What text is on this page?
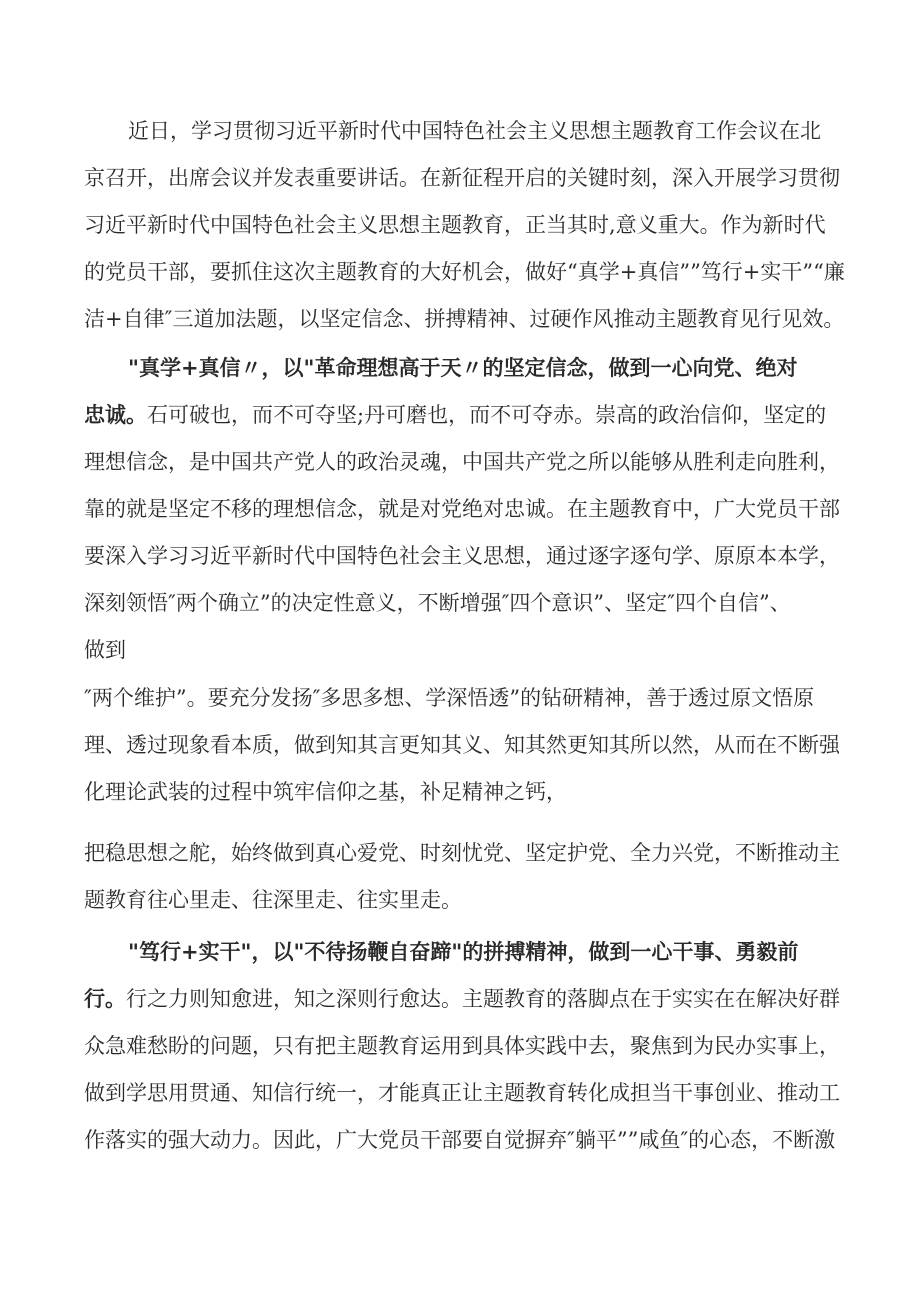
近日，学习贯彻习近平新时代中国特色社会主义思想主题教育工作会议在北
京召开，出席会议并发表重要讲话。在新征程开启的关键时刻，深入开展学习贯彻
习近平新时代中国特色社会主义思想主题教育，正当其时,意义重大。作为新时代
的党员干部，要抓住这次主题教育的大好机会，做好“真学+真信””笃行+实干”“廉
洁+自律″三道加法题，以坚定信念、拼搏精神、过硬作风推动主题教育见行见效。
"真学+真信〃，以"革命理想高于天〃的坚定信念，做到一心向党、绝对
忠诚。石可破也，而不可夺坚;丹可磨也，而不可夺赤。崇高的政治信仰，坚定的
理想信念，是中国共产党人的政治灵魂，中国共产党之所以能够从胜利走向胜利，
靠的就是坚定不移的理想信念，就是对党绝对忠诚。在主题教育中，广大党员干部
要深入学习习近平新时代中国特色社会主义思想，通过逐字逐句学、原原本本学，
深刻领悟″两个确立”的决定性意义，不断增强″四个意识”、坚定″四个自信”、
做到
″两个维护”。要充分发扬″多思多想、学深悟透”的钻研精神，善于透过原文悟原
理、透过现象看本质，做到知其言更知其义、知其然更知其所以然，从而在不断强
化理论武装的过程中筑牢信仰之基，补足精神之钙，
把稳思想之舵，始终做到真心爱党、时刻忧党、坚定护党、全力兴党，不断推动主
题教育往心里走、往深里走、往实里走。
"笃行+实干"，以"不待扬鞭自奋蹄"的拼搏精神，做到一心干事、勇毅前
行。行之力则知愈进，知之深则行愈达。主题教育的落脚点在于实实在在解决好群
众急难愁盼的问题，只有把主题教育运用到具体实践中去，聚焦到为民办实事上，
做到学思用贯通、知信行统一，才能真正让主题教育转化成担当干事创业、推动工
作落实的强大动力。因此，广大党员干部要自觉摒弃″躺平””咸鱼″的心态，不断激
